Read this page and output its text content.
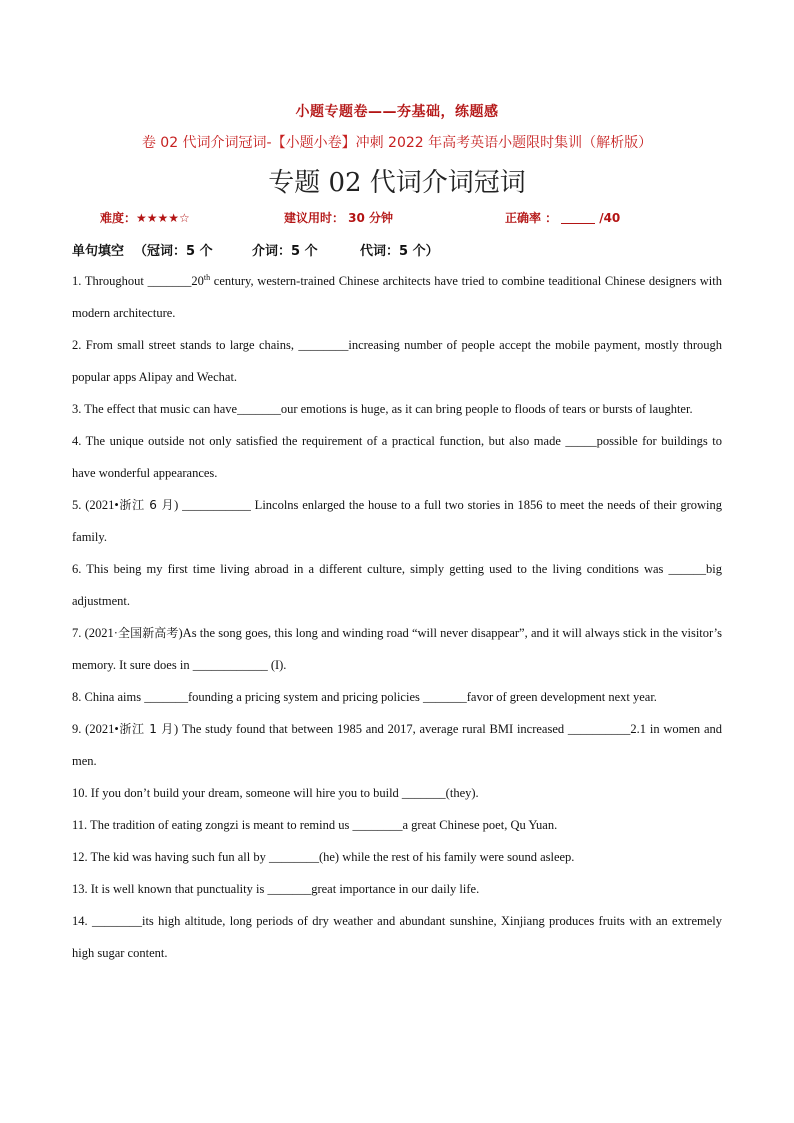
小题专题卷——夯基础，练题感
卷 02 代词介词冠词-【小题小卷】冲刺 2022 年高考英语小题限时集训（解析版）
专题 02 代词介词冠词
难度：★★★★☆	建议用时： 30 分钟	正确率 ：	/40
单句填空 （冠词：5 个	介词：5 个	代词：5 个）

1. Throughout _______20th century, western-trained Chinese architects have tried to combine teaditional Chinese designers with modern architecture.

2. From small street stands to large chains, ________increasing number of people accept the mobile payment, mostly through popular apps Alipay and Wechat.

3. The effect that music can have_______our emotions is huge, as it can bring people to floods of tears or bursts of laughter.

4. The unique outside not only satisfied the requirement of a practical function, but also made _____possible for buildings to have wonderful appearances.

5. (2021•浙江 6 月) ___________ Lincolns enlarged the house to a full two stories in 1856 to meet the needs of their growing family.

6. This being my first time living abroad in a different culture, simply getting used to the living conditions was ______big adjustment.

7. (2021·全国新高考)As the song goes, this long and winding road “will never disappear”, and it will always stick in the visitor’s memory. It sure does in ____________ (I).

8. China aims _______founding a pricing system and pricing policies _______favor of green development next year.

9. (2021•浙江 1 月) The study found that between 1985 and 2017, average rural BMI increased __________2.1 in women and men.

10. If you don’t build your dream, someone will hire you to build _______(they).

11. The tradition of eating zongzi is meant to remind us ________a great Chinese poet, Qu Yuan.

12. The kid was having such fun all by ________(he) while the rest of his family were sound asleep.

13. It is well known that punctuality is _______great importance in our daily life.

14. ________its high altitude, long periods of dry weather and abundant sunshine, Xinjiang produces fruits with an extremely high sugar content.
